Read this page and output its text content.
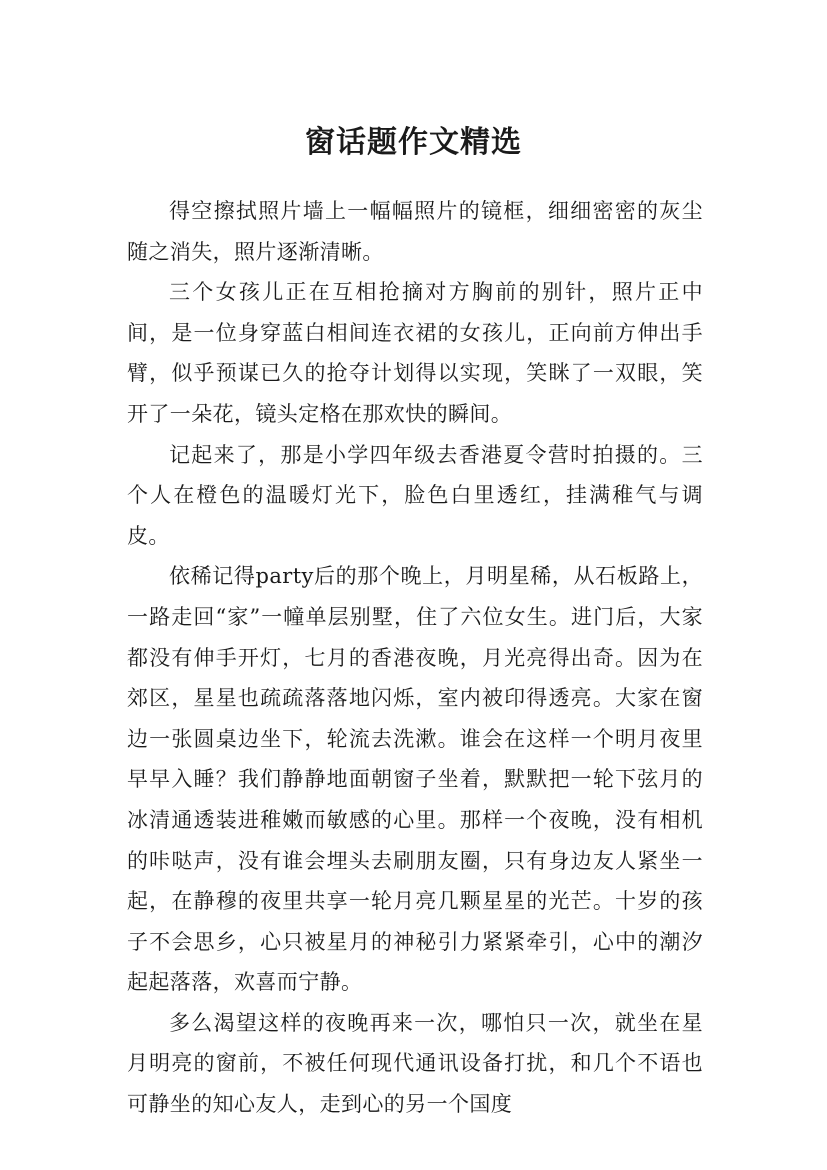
窗话题作文精选

得空擦拭照片墙上一幅幅照片的镜框，细细密密的灰尘随之消失，照片逐渐清晰。

三个女孩儿正在互相抢摘对方胸前的别针，照片正中间，是一位身穿蓝白相间连衣裙的女孩儿，正向前方伸出手臂，似乎预谋已久的抢夺计划得以实现，笑眯了一双眼，笑开了一朵花，镜头定格在那欢快的瞬间。

记起来了，那是小学四年级去香港夏令营时拍摄的。三个人在橙色的温暖灯光下，脸色白里透红，挂满稚气与调皮。

依稀记得party后的那个晚上，月明星稀，从石板路上，一路走回“家”一幢单层别墅，住了六位女生。进门后，大家都没有伸手开灯，七月的香港夜晚，月光亮得出奇。因为在郊区，星星也疏疏落落地闪烁，室内被印得透亮。大家在窗边一张圆桌边坐下，轮流去洗漱。谁会在这样一个明月夜里早早入睡？我们静静地面朝窗子坐着，默默把一轮下弦月的冰清通透装进稚嫩而敏感的心里。那样一个夜晚，没有相机的咔哒声，没有谁会埋头去刷朋友圈，只有身边友人紧坐一起，在静穆的夜里共享一轮月亮几颗星星的光芒。十岁的孩子不会思乡，心只被星月的神秘引力紧紧牵引，心中的潮汐起起落落，欢喜而宁静。

多么渴望这样的夜晚再来一次，哪怕只一次，就坐在星月明亮的窗前，不被任何现代通讯设备打扰，和几个不语也可静坐的知心友人，走到心的另一个国度
